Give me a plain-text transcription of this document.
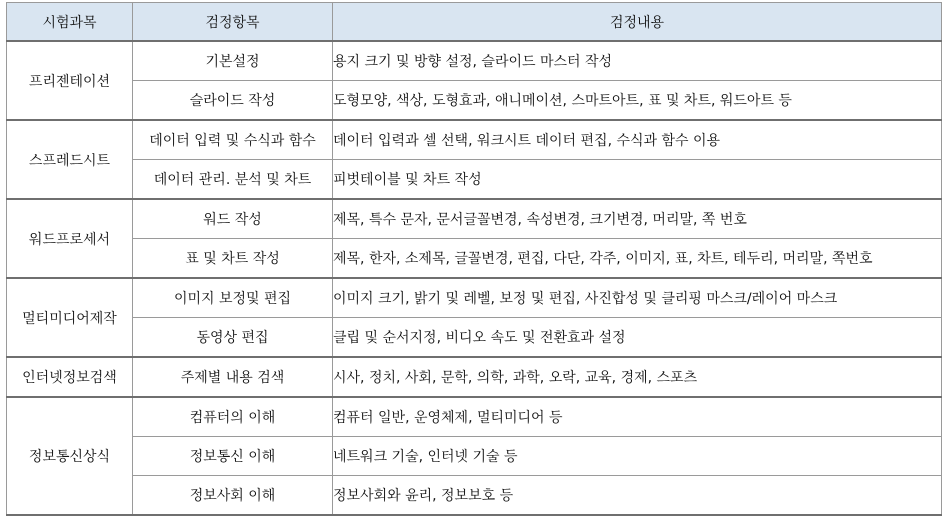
시험과목	검정항목	검정내용
프리젠테이션	기본설정	용지 크기 및 방향 설정, 슬라이드 마스터 작성
	슬라이드 작성	도형모양, 색상, 도형효과, 애니메이션, 스마트아트, 표 및 차트, 워드아트 등
스프레드시트	데이터 입력 및 수식과 함수	데이터 입력과 셀 선택, 워크시트 데이터 편집, 수식과 함수 이용
	데이터 관리. 분석 및 차트	피벗테이블 및 차트 작성
워드프로세서	워드 작성	제목, 특수 문자, 문서글꼴변경, 속성변경, 크기변경, 머리말, 쪽 번호
	표 및 차트 작성	제목, 한자, 소제목, 글꼴변경, 편집, 다단, 각주, 이미지, 표, 차트, 테두리, 머리말, 쪽번호
멀티미디어제작	이미지 보정및 편집	이미지 크기, 밝기 및 레벨, 보정 및 편집, 사진합성 및 클리핑 마스크/레이어 마스크
	동영상 편집	클립 및 순서지정, 비디오 속도 및 전환효과 설정
인터넷정보검색	주제별 내용 검색	시사, 정치, 사회, 문학, 의학, 과학, 오락, 교육, 경제, 스포츠
정보통신상식	컴퓨터의 이해	컴퓨터 일반, 운영체제, 멀티미디어 등
	정보통신 이해	네트워크 기술, 인터넷 기술 등
	정보사회 이해	정보사회와 윤리, 정보보호 등
